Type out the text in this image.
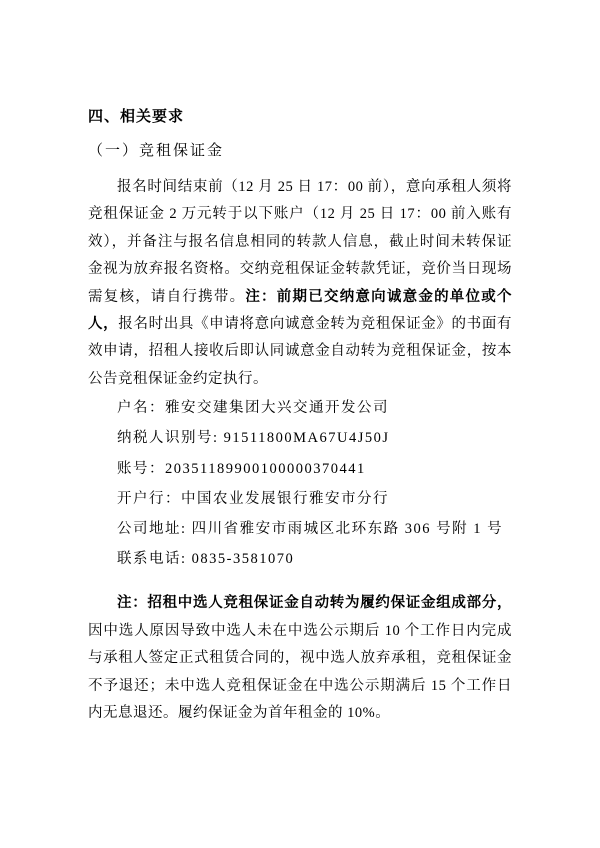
四、相关要求

（一）竞租保证金

报名时间结束前（12 月 25 日 17：00 前），意向承租人须将竞租保证金 2 万元转于以下账户（12 月 25 日 17：00 前入账有效），并备注与报名信息相同的转款人信息，截止时间未转保证金视为放弃报名资格。交纳竞租保证金转款凭证，竞价当日现场需复核，请自行携带。注：前期已交纳意向诚意金的单位或个人，报名时出具《申请将意向诚意金转为竞租保证金》的书面有效申请，招租人接收后即认同诚意金自动转为竞租保证金，按本公告竞租保证金约定执行。

户名：雅安交建集团大兴交通开发公司

纳税人识别号: 91511800MA67U4J50J

账号：20351189900100000370441

开户行：中国农业发展银行雅安市分行

公司地址: 四川省雅安市雨城区北环东路 306 号附 1 号

联系电话: 0835-3581070

注：招租中选人竞租保证金自动转为履约保证金组成部分，因中选人原因导致中选人未在中选公示期后 10 个工作日内完成与承租人签定正式租赁合同的，视中选人放弃承租，竞租保证金不予退还；未中选人竞租保证金在中选公示期满后 15 个工作日内无息退还。履约保证金为首年租金的 10%。
